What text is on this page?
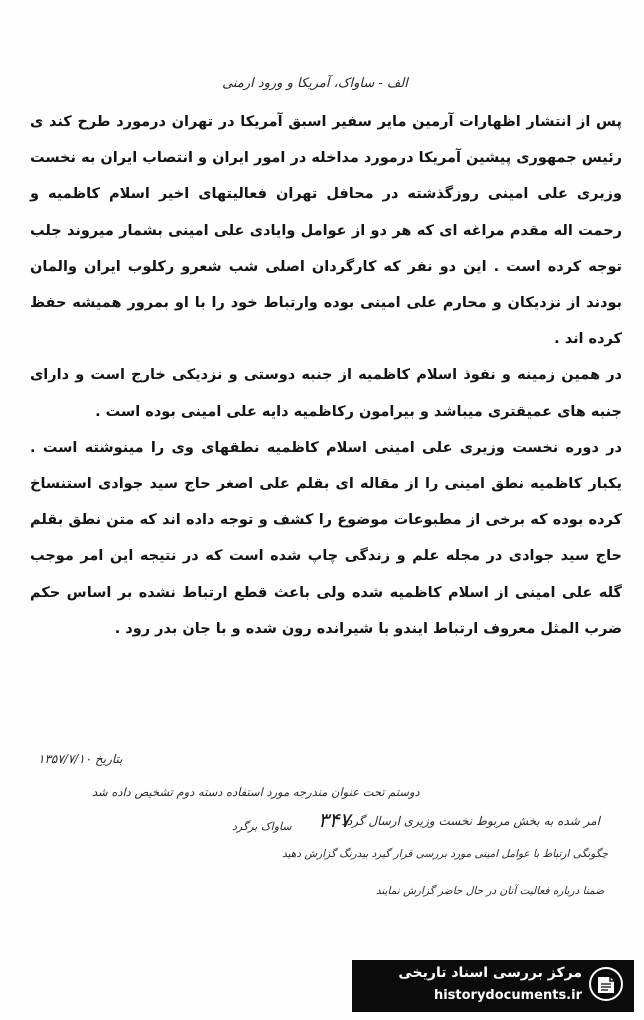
الف - ساواک، آمریکا و ورود ارمنی

پس از انتشار اظهارات آرمین مایر سفیر اسبق آمریکا در تهران درمورد طرح کند ی رئیس جمهوری پیشین آمریکا درمورد مداخله در امور ایران و انتصاب ایران به نخست وزیری علی امینی روزگذشته در محافل تهران فعالیتهای اخیر اسلام کاظمیه و رحمت اله مقدم مراغه ای که هر دو از عوامل وایادی علی امینی بشمار میروند جلب توجه کرده است . این دو نفر که کارگردان اصلی شب شعرو رکلوب ایران والمان بودند از نزدیکان و محارم علی امینی بوده وارتباط خود را با او بمرور همیشه حفظ کرده اند .

در همین زمینه و نفوذ اسلام کاظمیه از جنبه دوستی و نزدیکی خارج است و دارای جنبه های عمیقتری میباشد و بیرامون رکاظمیه دایه علی امینی بوده است .

در دوره نخست وزیری علی امینی اسلام کاظمیه نطقهای وی را مینوشته است . یکبار کاظمیه نطق امینی را از مقاله ای بقلم علی اصغر حاج سید جوادی استنساخ کرده بوده که برخی از مطبوعات موضوع را کشف و توجه داده اند که متن نطق بقلم حاج سید جوادی در مجله علم و زندگی چاپ شده است که در نتیجه این امر موجب گله علی امینی از اسلام کاظمیه شده ولی باعث قطع ارتباط نشده بر اساس حکم ضرب المثل معروف ارتباط ایندو با شیرانده رون شده و با جان بدر رود .

بتاریخ ۱۳۵۷/۷/۱۰
دوستم تحت عنوان مندرجه مورد استفاده دسته دوم تشخیص داده شد
ساواک برگرد ۳۴۷
امر شده به بخش مربوط نخست وزیری ارسال گردد
چگونگی ارتباط با عوامل امینی مورد بررسی قرار گیرد بیدرنگ گزارش دهید
ضمنا درباره فعالیت آنان در حال حاضر گزارش نمایند
مرکز بررسی اسناد تاریخی
historydocuments.ir
